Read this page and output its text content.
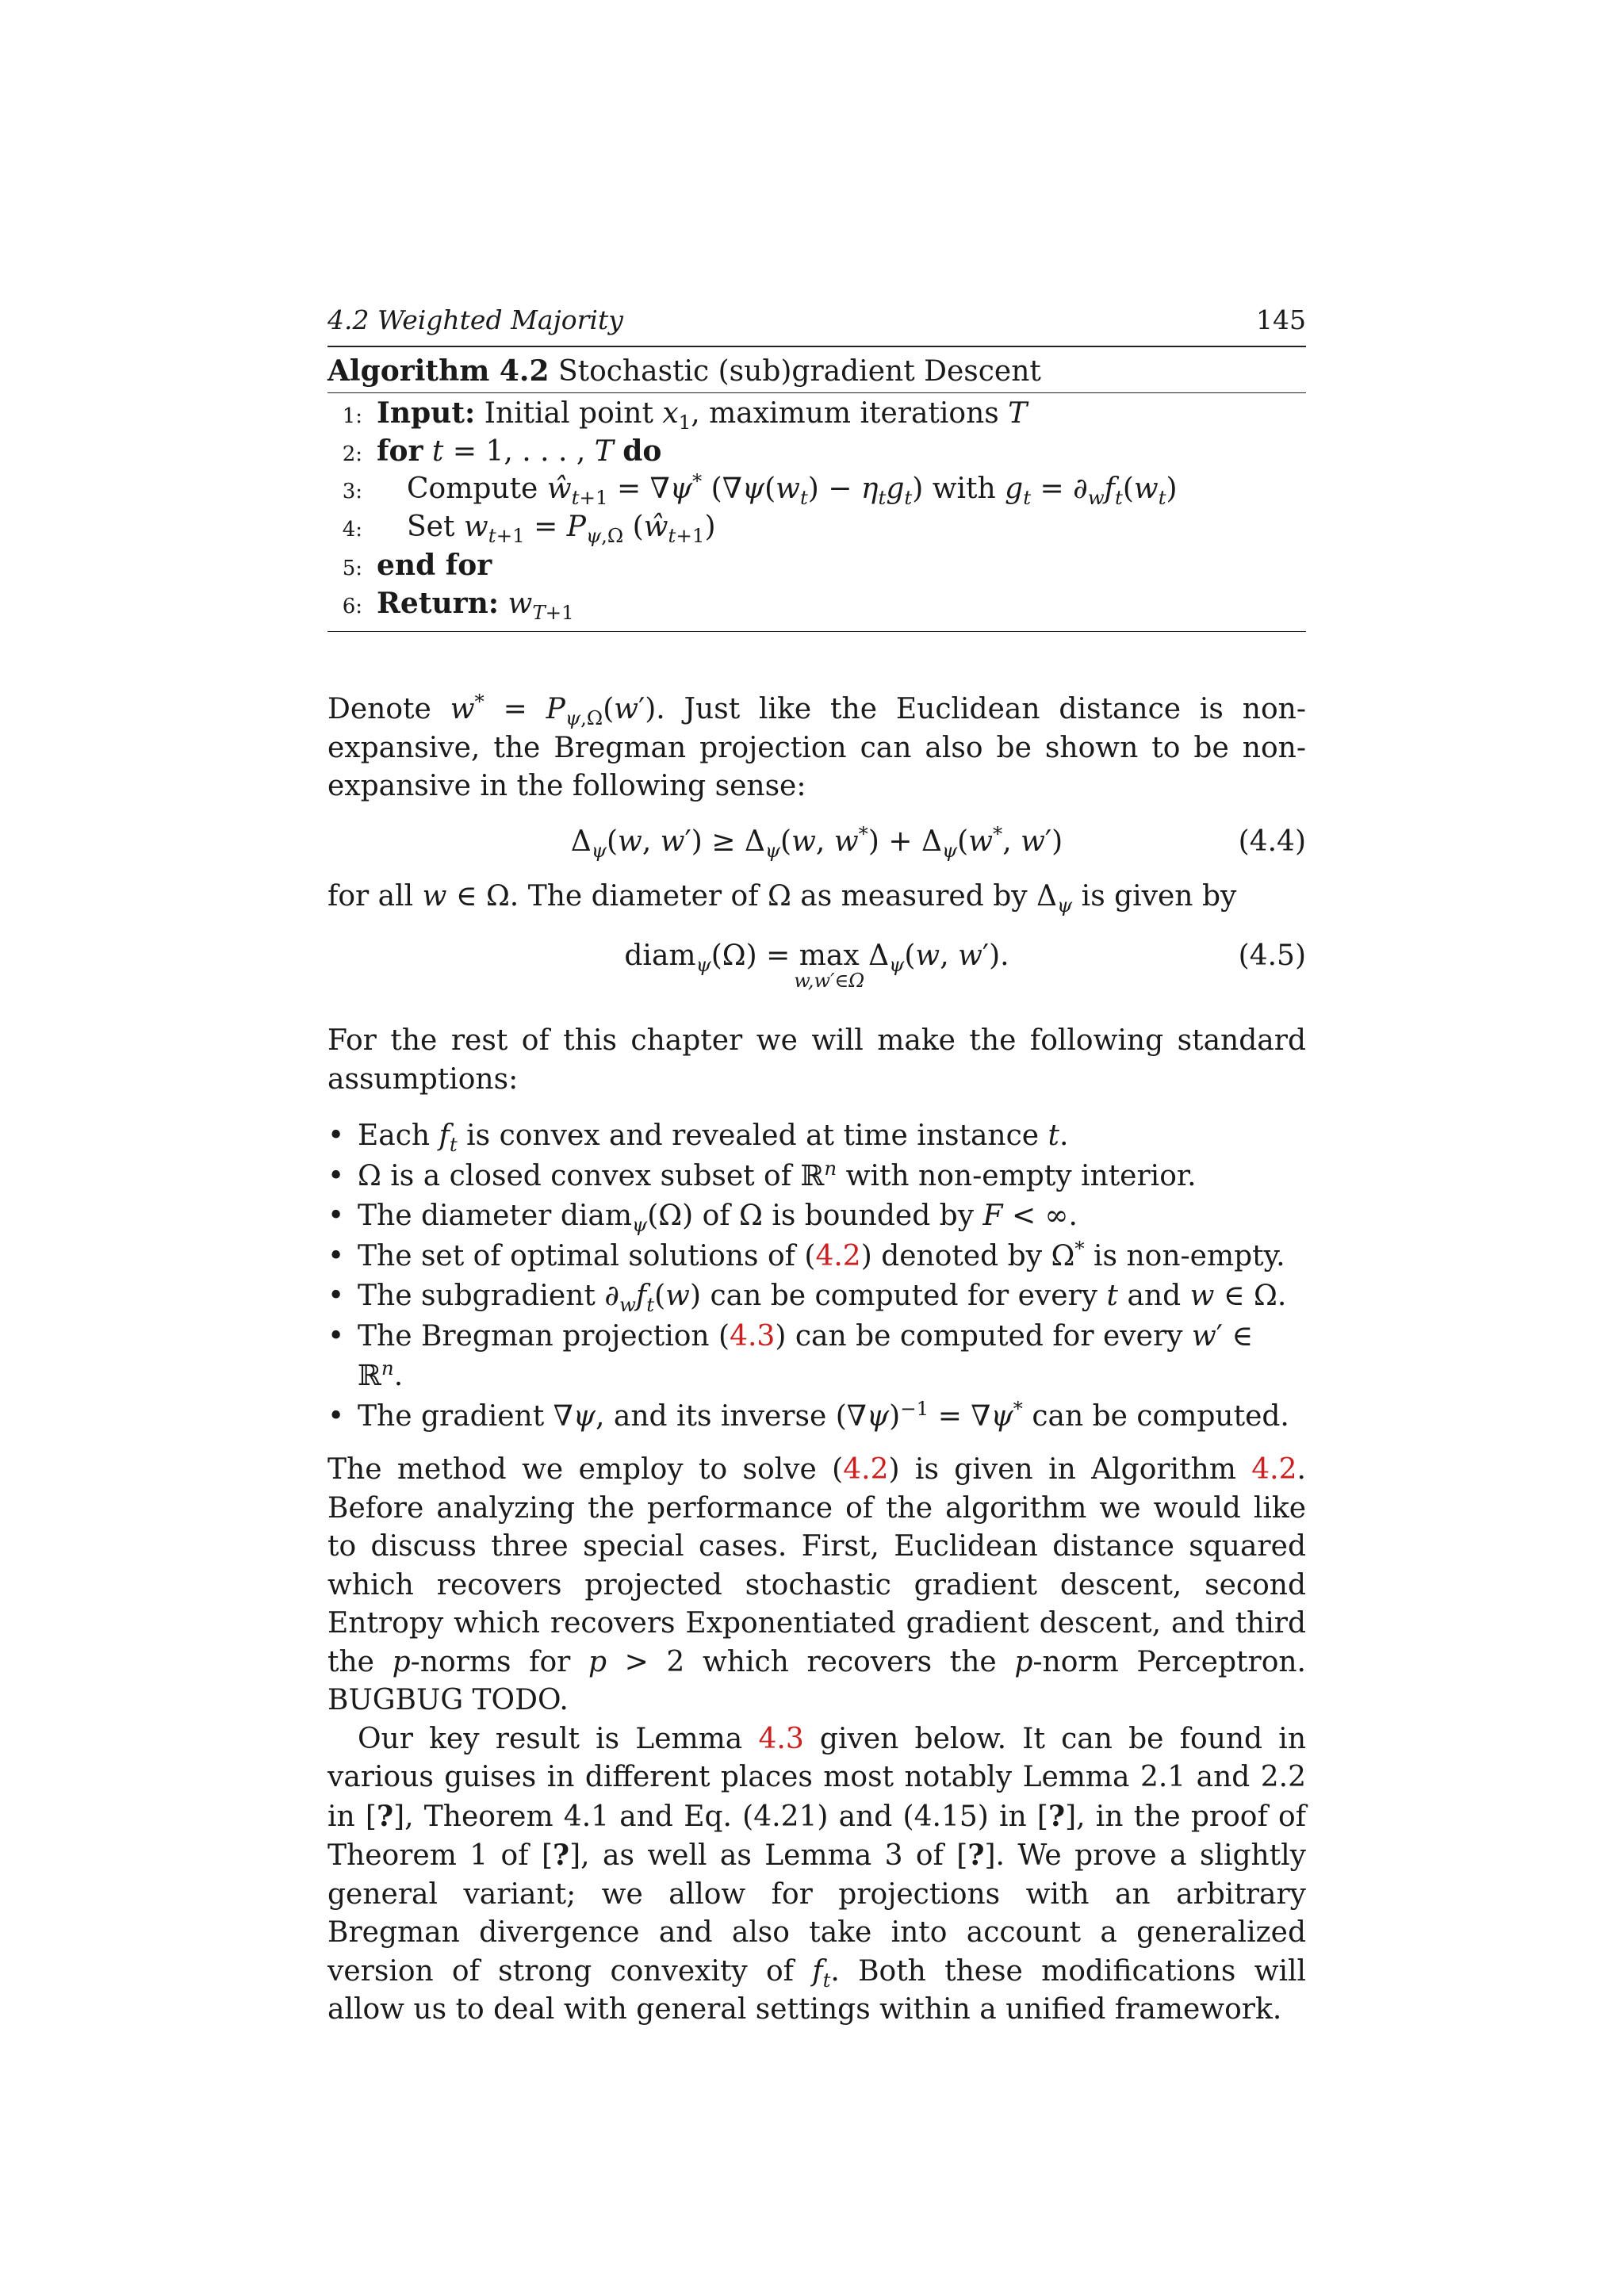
4.2 Weighted Majority	145
Algorithm 4.2 Stochastic (sub)gradient Descent
1: Input: Initial point $x_1$, maximum iterations T
2: for t = 1, . . . , T do
3:	Compute $ŵ_{t+1} = \nabla\psi^*$ $(\nabla\psi(w_t) - \eta_tg_t)$ with $g_t = \partial_wf_t(w_t)$
4:	Set $w_{t+1} = P_{\psi,\Omega}$ $(ŵ_{t+1})$
5: end for
6: Return: $w_{T+1}$

Denote $w^* = P_{\psi,\Omega}(w')$. Just like the Euclidean distance is non-expansive, the Bregman projection can also be shown to be non-expansive in the following sense:

$\Delta_\psi(w$, $w') \ge \Delta_\psi(w$, $w^*) + \Delta_\psi(w^*$, w′)	(4.4)

for all w ∈ Ω. The diameter of Ω as measured by $\Delta_\psi$ is given by

diam$_\psi$(Ω) = max
w,w′∈Ω
$\Delta_\psi(w$, w′).	(4.5)

For the rest of this chapter we will make the following standard assumptions:

• Each $f_t$ is convex and revealed at time instance t.
• Ω is a closed convex subset of ℝ$^n$ with non-empty interior.
• The diameter diam$_\psi$(Ω) of Ω is bounded by F < ∞.
• The set of optimal solutions of (4.2) denoted by Ω* is non-empty.
• The subgradient $\partial_wf_t(w)$ can be computed for every t and w ∈ Ω.
• The Bregman projection (4.3) can be computed for every w′ ∈ ℝ$^n$.
• The gradient ∇ψ, and its inverse $(\nabla\psi)^{-1} = \nabla\psi^*$ can be computed.

The method we employ to solve (4.2) is given in Algorithm 4.2. Before analyzing the performance of the algorithm we would like to discuss three special cases. First, Euclidean distance squared which recovers projected stochastic gradient descent, second Entropy which recovers Exponentiated gradient descent, and third the p-norms for p > 2 which recovers the p-norm Perceptron. BUGBUG TODO.

Our key result is Lemma 4.3 given below. It can be found in various guises in different places most notably Lemma 2.1 and 2.2 in [?], Theorem 4.1 and Eq. (4.21) and (4.15) in [?], in the proof of Theorem 1 of [?], as well as Lemma 3 of [?]. We prove a slightly general variant; we allow for projections with an arbitrary Bregman divergence and also take into account a generalized version of strong convexity of $f_t$. Both these modifications will allow us to deal with general settings within a unified framework.
